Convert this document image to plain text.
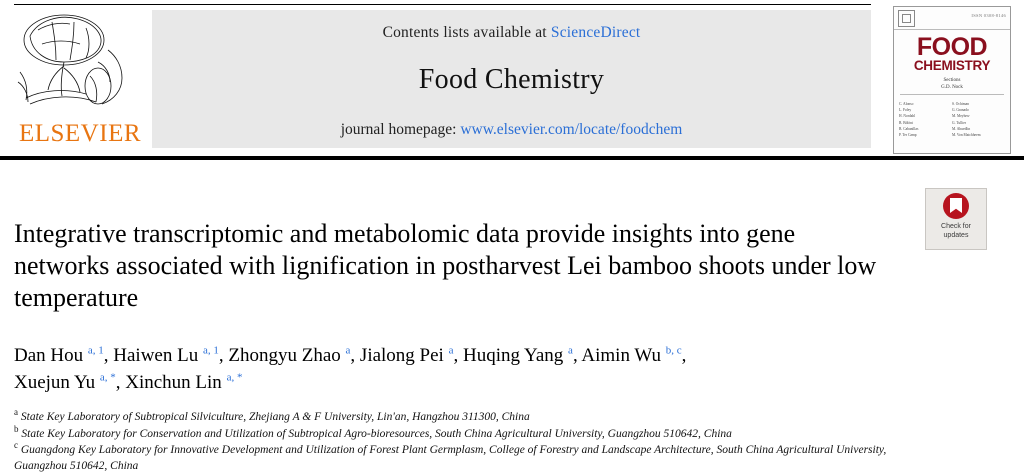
ELSEVIER
Contents lists available at ScienceDirect
Food Chemistry
journal homepage: www.elsevier.com/locate/foodchem
ISSN 0308-8146
FOOD
CHEMISTRY
Sections
G.D. Nock
C. Alonso
L. Foley
H. Nordahl
B. Bölöni
B. Cabanillas
P. Ter Camp
S. Ochiman
G. Granado
M. Meyhew
G. Tullier
M. Ahuedlin
M. Von Matchheem
Check for
updates
Integrative transcriptomic and metabolomic data provide insights into gene networks associated with lignification in postharvest Lei bamboo shoots under low temperature
Dan Hou $^{a, 1}$, Haiwen Lu $^{a, 1}$, Zhongyu Zhao $^a$, Jialong Pei $^a$, Huqing Yang $^a$, Aimin Wu $^{b, c}$,
Xuejun Yu $^{a, *}$, Xinchun Lin $^{a, *}$
$^a$ State Key Laboratory of Subtropical Silviculture, Zhejiang A & F University, Lin'an, Hangzhou 311300, China
$^b$ State Key Laboratory for Conservation and Utilization of Subtropical Agro-bioresources, South China Agricultural University, Guangzhou 510642, China
$^c$ Guangdong Key Laboratory for Innovative Development and Utilization of Forest Plant Germplasm, College of Forestry and Landscape Architecture, South China Agricultural University, Guangzhou 510642, China
